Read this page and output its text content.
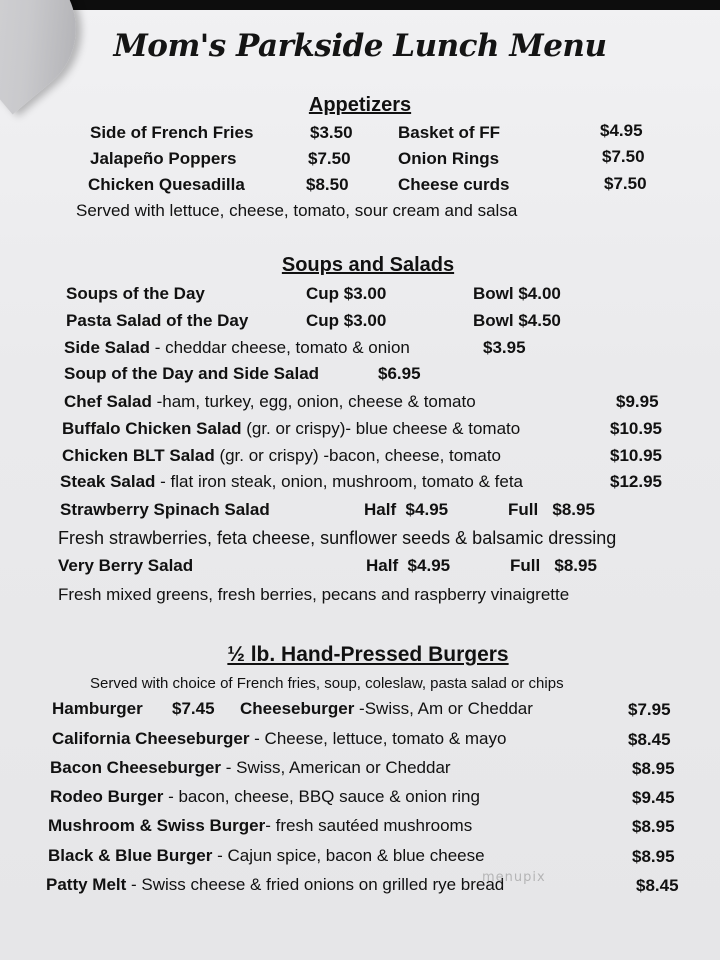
Mom's Parkside Lunch Menu
Appetizers
Side of French Fries	$3.50	Basket of FF	$4.95
Jalapeño Poppers	$7.50	Onion Rings	$7.50
Chicken Quesadilla	$8.50	Cheese curds	$7.50
Served with lettuce, cheese, tomato, sour cream and salsa
Soups and Salads
Soups of the Day	Cup $3.00	Bowl $4.00
Pasta Salad of the Day	Cup $3.00	Bowl $4.50
Side Salad - cheddar cheese, tomato & onion	$3.95
Soup of the Day and Side Salad	$6.95
Chef Salad -ham, turkey, egg, onion, cheese & tomato	$9.95
Buffalo Chicken Salad (gr. or crispy)- blue cheese & tomato	$10.95
Chicken BLT Salad (gr. or crispy) -bacon, cheese, tomato	$10.95
Steak Salad - flat iron steak, onion, mushroom, tomato & feta	$12.95
Strawberry Spinach Salad	Half  $4.95	Full   $8.95
Fresh strawberries, feta cheese, sunflower seeds & balsamic dressing
Very Berry Salad	Half  $4.95	Full   $8.95
Fresh mixed greens, fresh berries, pecans and raspberry vinaigrette
½ lb. Hand-Pressed Burgers
Served with choice of French fries, soup, coleslaw, pasta salad or chips
Hamburger $7.45 Cheeseburger -Swiss, Am or Cheddar	$7.95
California Cheeseburger - Cheese, lettuce, tomato & mayo	$8.45
Bacon Cheeseburger - Swiss, American or Cheddar	$8.95
Rodeo Burger - bacon, cheese, BBQ sauce & onion ring	$9.45
Mushroom & Swiss Burger- fresh sautéed mushrooms	$8.95
Black & Blue Burger - Cajun spice, bacon & blue cheese	$8.95
Patty Melt - Swiss cheese & fried onions on grilled rye bread	$8.45
menupix
